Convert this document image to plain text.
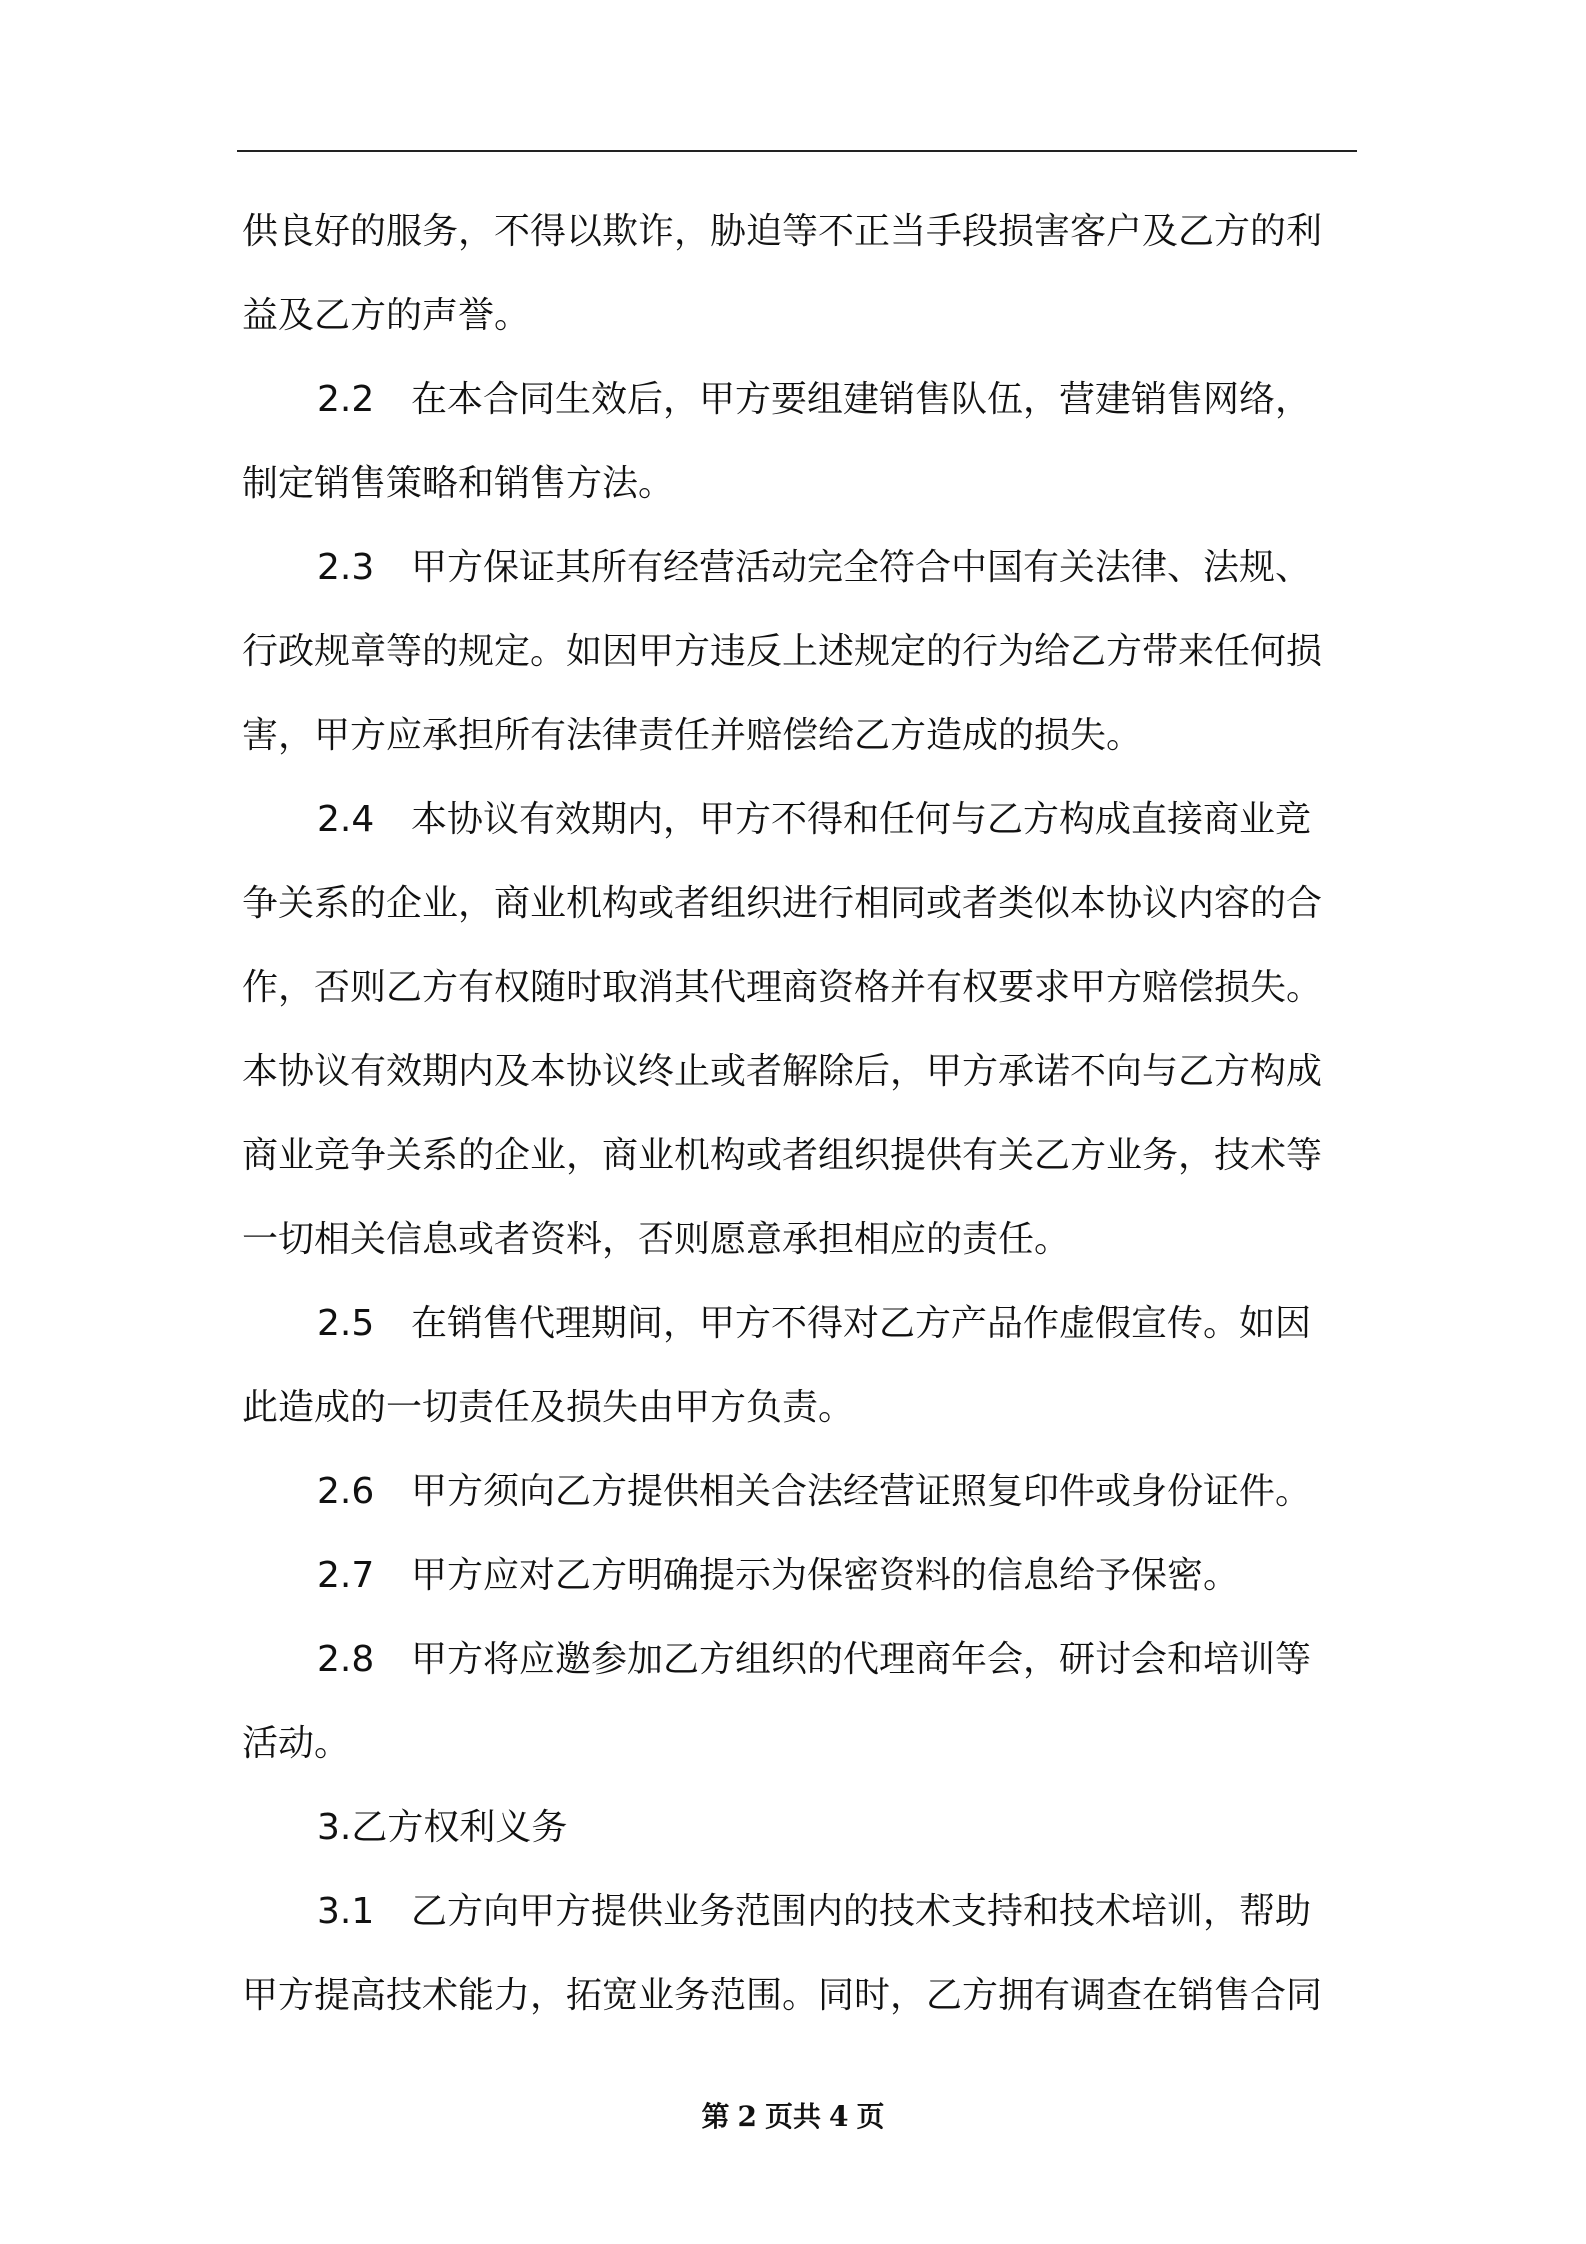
供良好的服务，不得以欺诈，胁迫等不正当手段损害客户及乙方的利
益及乙方的声誉。
2.2 在本合同生效后，甲方要组建销售队伍，营建销售网络，
制定销售策略和销售方法。
2.3 甲方保证其所有经营活动完全符合中国有关法律、法规、
行政规章等的规定。如因甲方违反上述规定的行为给乙方带来任何损
害，甲方应承担所有法律责任并赔偿给乙方造成的损失。
2.4 本协议有效期内，甲方不得和任何与乙方构成直接商业竞
争关系的企业，商业机构或者组织进行相同或者类似本协议内容的合
作，否则乙方有权随时取消其代理商资格并有权要求甲方赔偿损失。
本协议有效期内及本协议终止或者解除后，甲方承诺不向与乙方构成
商业竞争关系的企业，商业机构或者组织提供有关乙方业务，技术等
一切相关信息或者资料，否则愿意承担相应的责任。
2.5 在销售代理期间，甲方不得对乙方产品作虚假宣传。如因
此造成的一切责任及损失由甲方负责。
2.6 甲方须向乙方提供相关合法经营证照复印件或身份证件。
2.7 甲方应对乙方明确提示为保密资料的信息给予保密。
2.8 甲方将应邀参加乙方组织的代理商年会，研讨会和培训等
活动。
3.乙方权利义务
3.1 乙方向甲方提供业务范围内的技术支持和技术培训，帮助
甲方提高技术能力，拓宽业务范围。同时，乙方拥有调查在销售合同
第 2 页共 4 页
